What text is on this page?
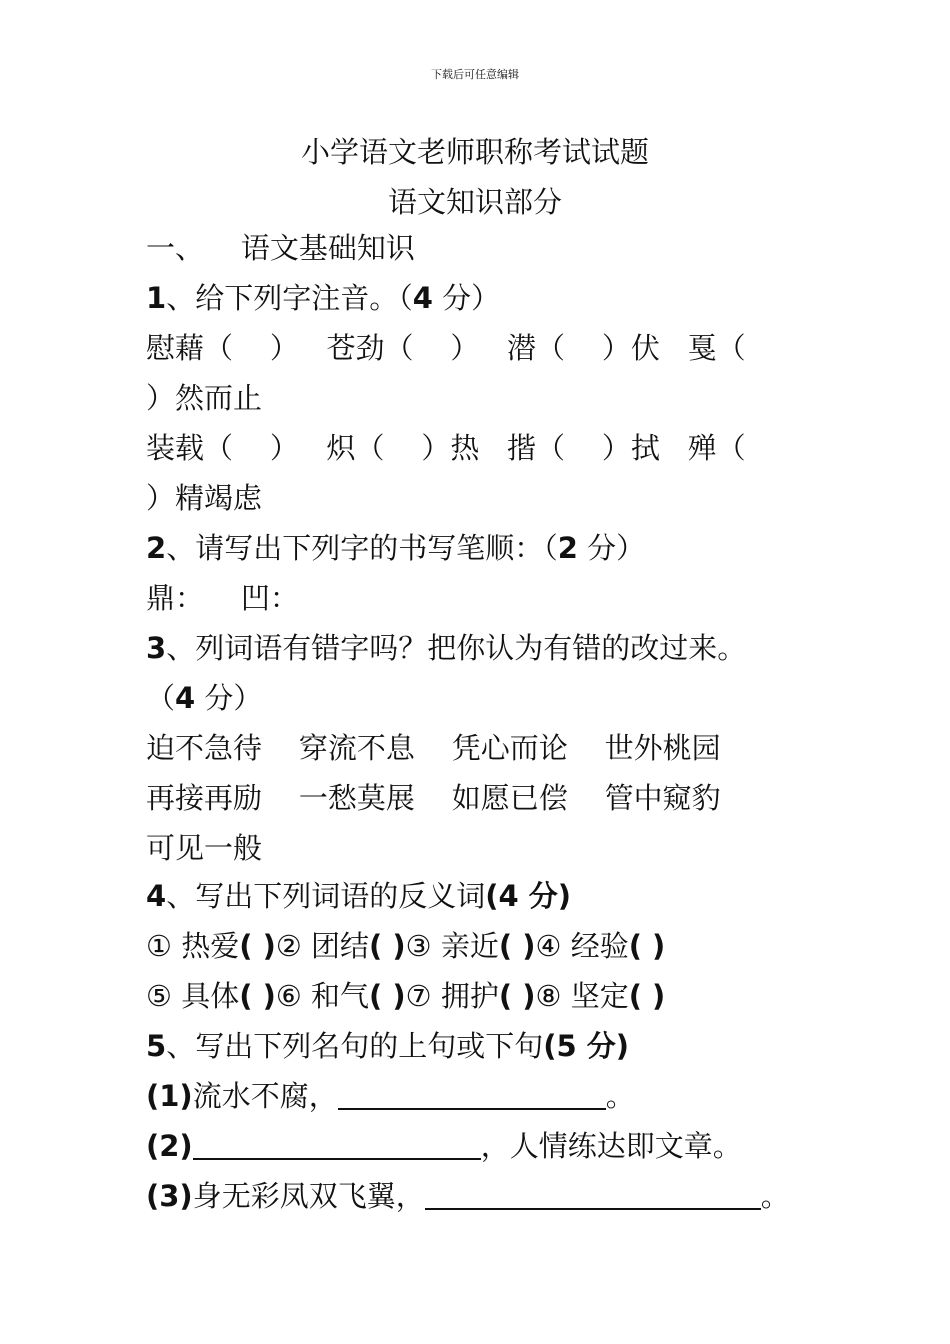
下载后可任意编辑
小学语文老师职称考试试题
语文知识部分
一、    语文基础知识
1、给下列字注音。（4 分）
慰藉（    ）   苍劲（    ）   潜（    ）伏   戛（
）然而止
装载（    ）   炽（    ）热   揩（    ）拭   殚（
）精竭虑
2、请写出下列字的书写笔顺：（2 分）
鼎：    凹：
3、列词语有错字吗？把你认为有错的改过来。
（4 分）
迫不急待    穿流不息    凭心而论    世外桃园
再接再励    一愁莫展    如愿已偿    管中窥豹
可见一般
4、写出下列词语的反义词(4 分)
① 热爱( )② 团结( )③ 亲近( )④ 经验( )
⑤ 具体( )⑥ 和气( )⑦ 拥护( )⑧ 坚定( )
5、写出下列名句的上句或下句(5 分)
(1)流水不腐，	。
(2)	，人情练达即文章。
(3)身无彩凤双飞翼，	。
